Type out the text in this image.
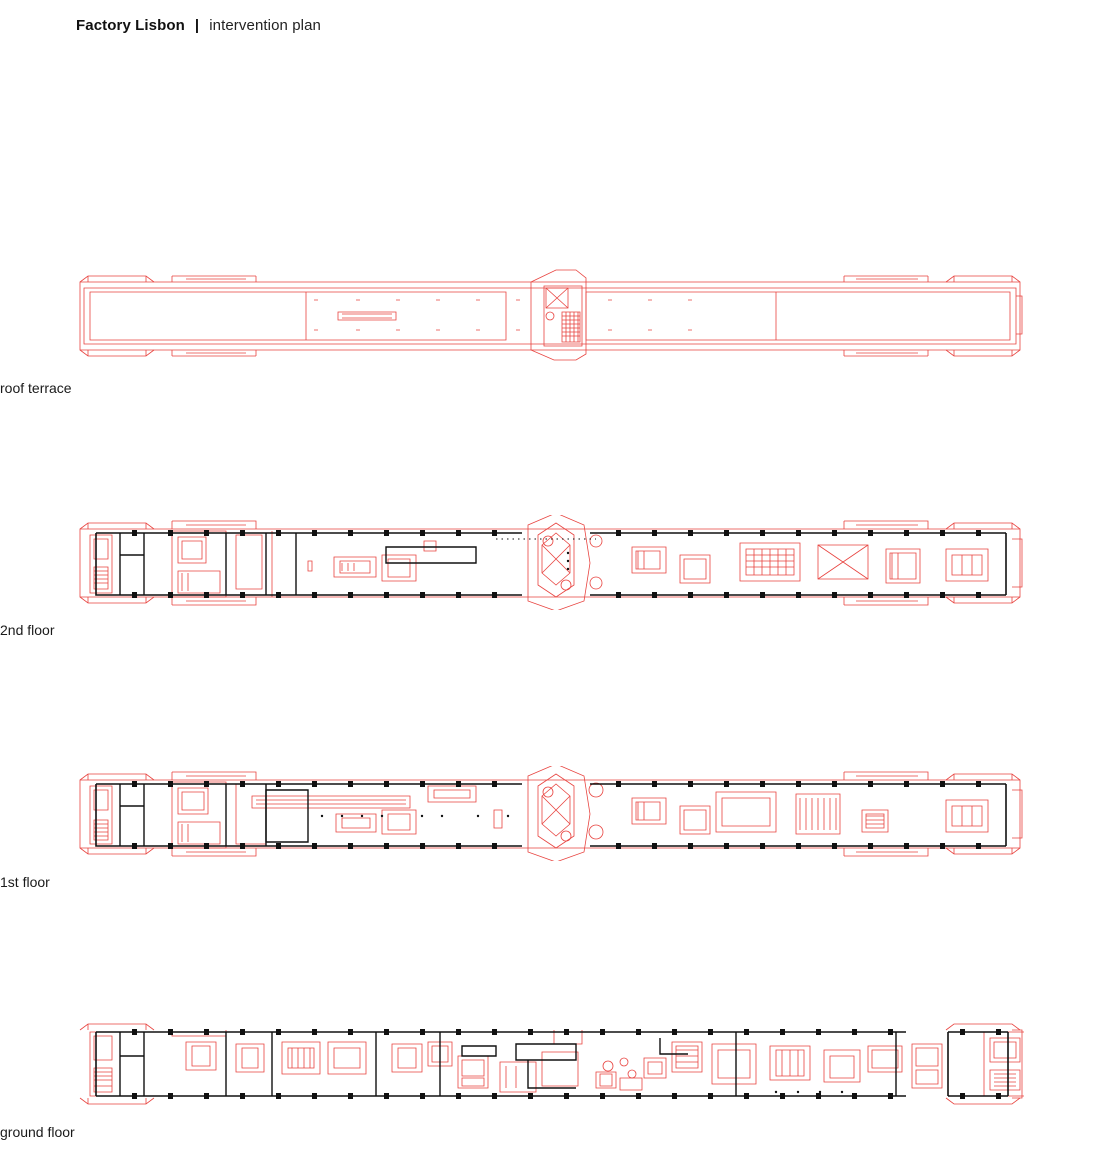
Factory Lisbon | intervention plan
roof terrace
2nd floor
1st floor
ground floor
